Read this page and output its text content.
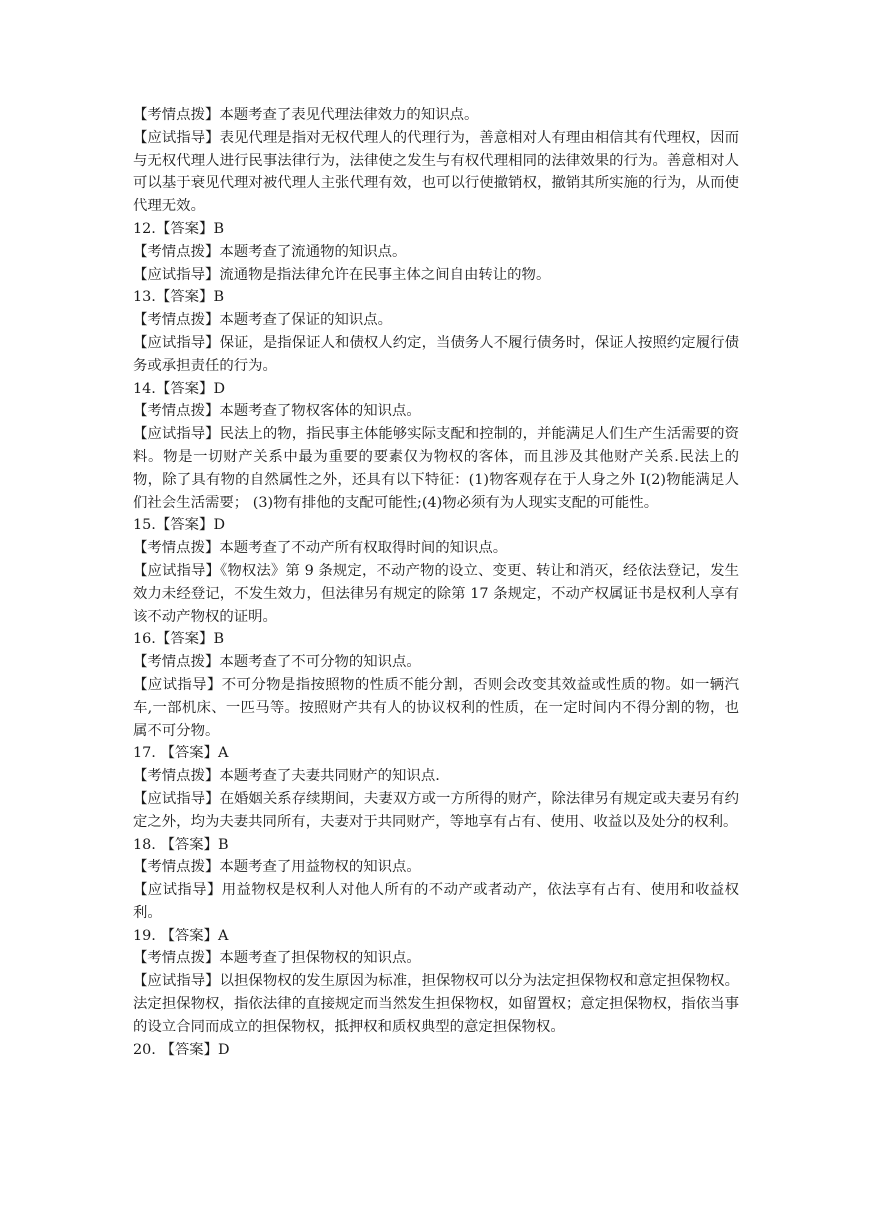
【考情点拨】本题考查了表见代理法律效力的知识点。

【应试指导】表见代理是指对无权代理人的代理行为，善意相对人有理由相信其有代理权，因而与无权代理人进行民事法律行为，法律使之发生与有权代理相同的法律效果的行为。善意相对人可以基于衰见代理对被代理人主张代理有效，也可以行使撤销权，撤销其所实施的行为，从而使代理无效。

12.【答案】B

【考情点拨】本题考查了流通物的知识点。

【应试指导】流通物是指法律允许在民事主体之间自由转让的物。

13.【答案】B

【考情点拨】本题考查了保证的知识点。

【应试指导】保证，是指保证人和债权人约定，当债务人不履行债务时，保证人按照约定履行债务或承担责任的行为。

14.【答案】D

【考情点拨】本题考查了物权客体的知识点。

【应试指导】民法上的物，指民事主体能够实际支配和控制的，并能满足人们生产生活需要的资料。物是一切财产关系中最为重要的要素仅为物权的客体，而且涉及其他财产关系.民法上的物，除了具有物的自然属性之外，还具有以下特征：(1)物客观存在于人身之外 I(2)物能满足人们社会生活需要； (3)物有排他的支配可能性;(4)物必须有为人现实支配的可能性。

15.【答案】D

【考情点拨】本题考查了不动产所有权取得时间的知识点。

【应试指导】《物权法》第 9 条规定，不动产物的设立、变更、转让和消灭，经依法登记，发生效力未经登记，不发生效力，但法律另有规定的除第 17 条规定，不动产权属证书是权利人享有该不动产物权的证明。

16.【答案】B

【考情点拨】本题考查了不可分物的知识点。

【应试指导】不可分物是指按照物的性质不能分割，否则会改变其效益或性质的物。如一辆汽车,一部机床、一匹马等。按照财产共有人的协议权利的性质，在一定时间内不得分割的物，也属不可分物。

17. 【答案】A

【考情点拨】本题考查了夫妻共同财产的知识点.

【应试指导】在婚姻关系存续期间，夫妻双方或一方所得的财产，除法律另有规定或夫妻另有约定之外，均为夫妻共同所有，夫妻对于共同财产，等地享有占有、使用、收益以及处分的权利。

18. 【答案】B

【考情点拨】本题考查了用益物权的知识点。

【应试指导】用益物权是权利人对他人所有的不动产或者动产，依法享有占有、使用和收益权利。

19. 【答案】A

【考情点拨】本题考查了担保物权的知识点。

【应试指导】以担保物权的发生原因为标准，担保物权可以分为法定担保物权和意定担保物权。法定担保物权，指依法律的直接规定而当然发生担保物权，如留置权；意定担保物权，指依当事的设立合同而成立的担保物权，抵押权和质权典型的意定担保物权。

20. 【答案】D
